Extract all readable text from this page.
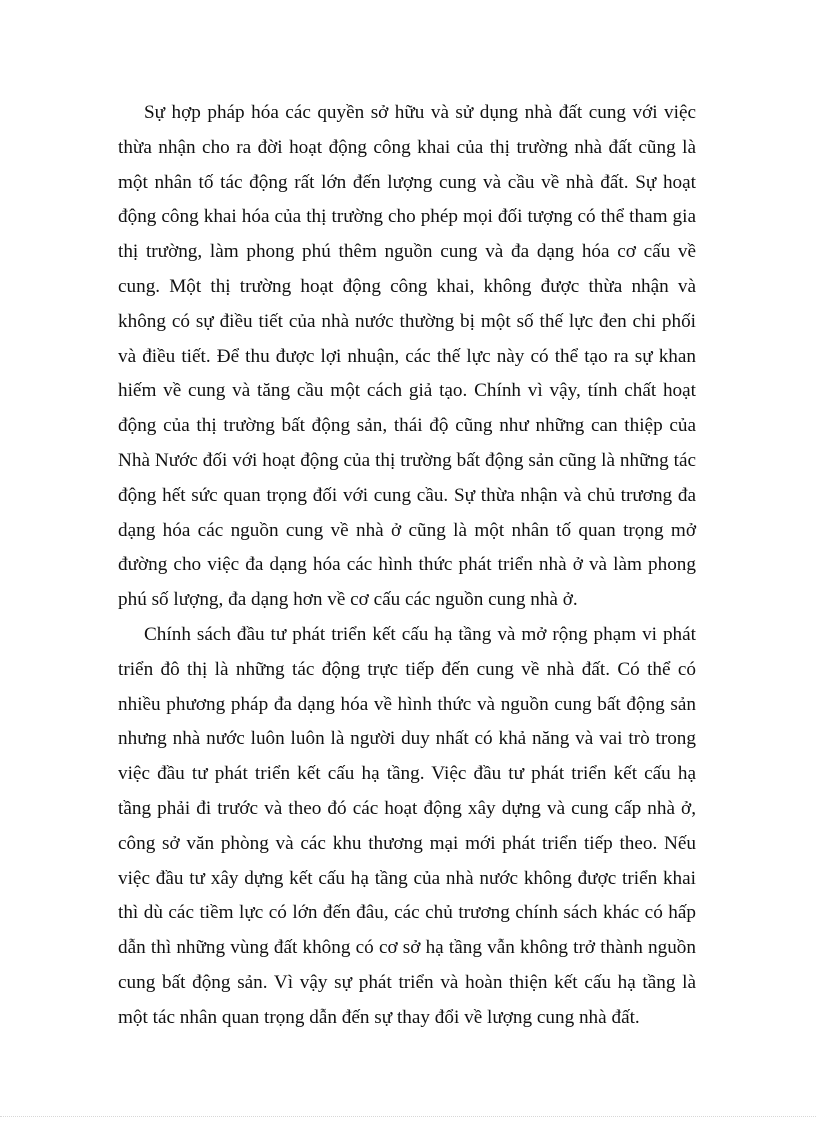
Sự hợp pháp hóa các quyền sở hữu và sử dụng nhà đất cung với việc thừa nhận cho ra đời hoạt động công khai của thị trường nhà đất cũng là một nhân tố tác động rất lớn đến lượng cung và cầu về nhà đất. Sự hoạt động công khai hóa của thị trường cho phép mọi đối tượng có thể tham gia thị trường, làm phong phú thêm nguồn cung và đa dạng hóa cơ cấu về cung. Một thị trường hoạt động công khai, không được thừa nhận và không có sự điều tiết của nhà nước thường bị một số thế lực đen chi phối và điều tiết. Để thu được lợi nhuận, các thế lực này có thể tạo ra sự khan hiếm về cung và tăng cầu một cách giả tạo. Chính vì vậy, tính chất hoạt động của thị trường bất động sản, thái độ cũng như những can thiệp của Nhà Nước đối với hoạt động của thị trường bất động sản cũng là những tác động hết sức quan trọng đối với cung cầu. Sự thừa nhận và chủ trương đa dạng hóa các nguồn cung về nhà ở cũng là một nhân tố quan trọng mở đường cho việc đa dạng hóa các hình thức phát triển nhà ở và làm phong phú số lượng, đa dạng hơn về cơ cấu các nguồn cung nhà ở.

Chính sách đầu tư phát triển kết cấu hạ tầng và mở rộng phạm vi phát triển đô thị là những tác động trực tiếp đến cung về nhà đất. Có thể có nhiều phương pháp đa dạng hóa về hình thức và nguồn cung bất động sản nhưng nhà nước luôn luôn là người duy nhất có khả năng và vai trò trong việc đầu tư phát triển kết cấu hạ tầng. Việc đầu tư phát triển kết cấu hạ tầng phải đi trước và theo đó các hoạt động xây dựng và cung cấp nhà ở, công sở văn phòng và các khu thương mại mới phát triển tiếp theo. Nếu việc đầu tư xây dựng kết cấu hạ tầng của nhà nước không được triển khai thì dù các tiềm lực có lớn đến đâu, các chủ trương chính sách khác có hấp dẫn thì những vùng đất không có cơ sở hạ tầng vẫn không trở thành nguồn cung bất động sản. Vì vậy sự phát triển và hoàn thiện kết cấu hạ tầng là một tác nhân quan trọng dẫn đến sự thay đổi về lượng cung nhà đất.
